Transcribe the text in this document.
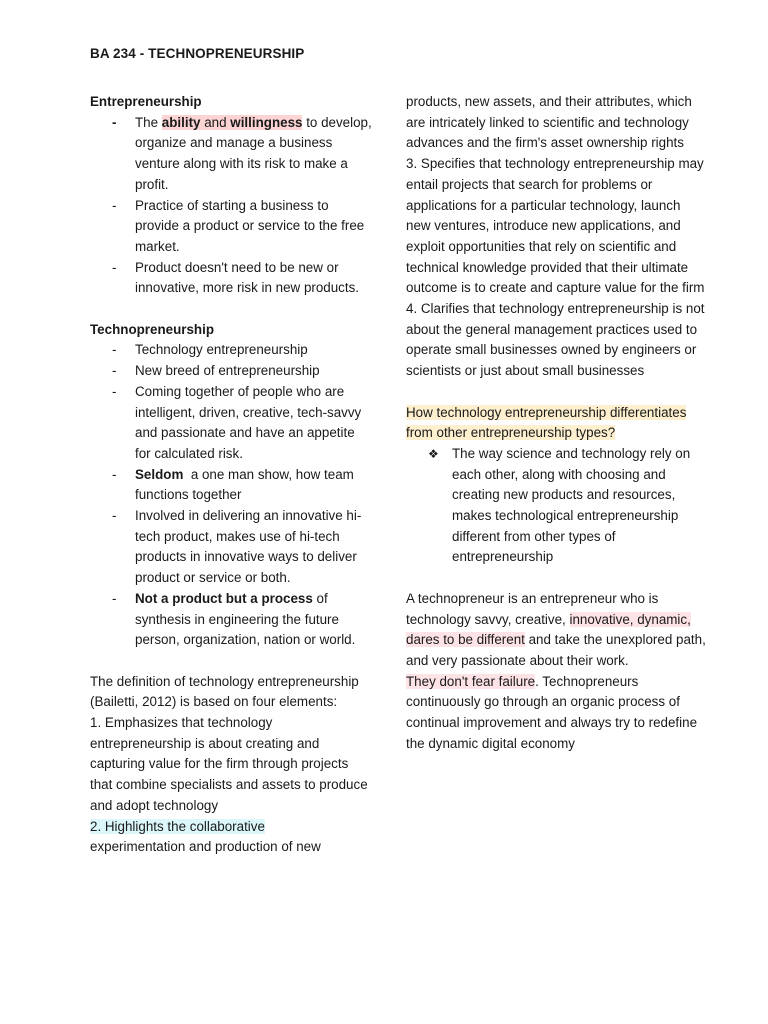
BA 234 - TECHNOPRENEURSHIP
Entrepreneurship
- The ability and willingness to develop, organize and manage a business venture along with its risk to make a profit.
- Practice of starting a business to provide a product or service to the free market.
- Product doesn't need to be new or innovative, more risk in new products.
Technopreneurship
- Technology entrepreneurship
- New breed of entrepreneurship
- Coming together of people who are intelligent, driven, creative, tech-savvy and passionate and have an appetite for calculated risk.
- Seldom  a one man show, how team functions together
- Involved in delivering an innovative hi-tech product, makes use of hi-tech products in innovative ways to deliver product or service or both.
- Not a product but a process of synthesis in engineering the future person, organization, nation or world.

The definition of technology entrepreneurship (Bailetti, 2012) is based on four elements:

1. Emphasizes that technology entrepreneurship is about creating and capturing value for the firm through projects that combine specialists and assets to produce and adopt technology

2. Highlights the collaborative
experimentation and production of new

products, new assets, and their attributes, which are intricately linked to scientific and technology advances and the firm's asset ownership rights

3. Specifies that technology entrepreneurship may entail projects that search for problems or applications for a particular technology, launch new ventures, introduce new applications, and exploit opportunities that rely on scientific and technical knowledge provided that their ultimate outcome is to create and capture value for the firm

4. Clarifies that technology entrepreneurship is not about the general management practices used to operate small businesses owned by engineers or scientists or just about small businesses

How technology entrepreneurship differentiates from other entrepreneurship types?

❖ The way science and technology rely on each other, along with choosing and creating new products and resources, makes technological entrepreneurship different from other types of entrepreneurship

A technopreneur is an entrepreneur who is technology savvy, creative, innovative, dynamic, dares to be different and take the unexplored path, and very passionate about their work.

They don't fear failure. Technopreneurs continuously go through an organic process of continual improvement and always try to redefine the dynamic digital economy
